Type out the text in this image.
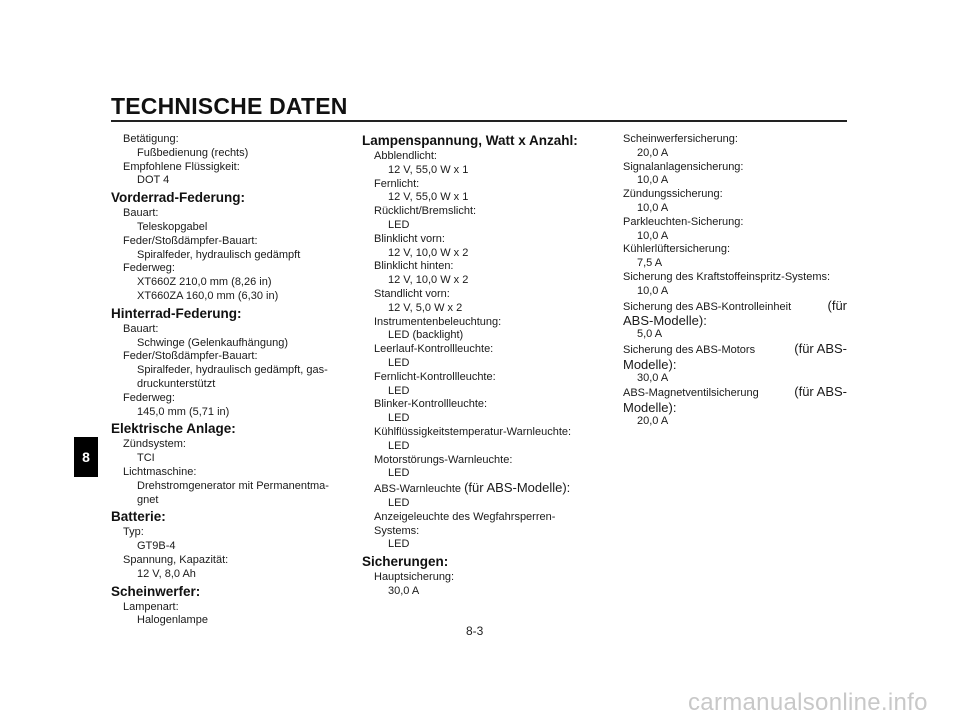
TECHNISCHE DATEN
8
Betätigung:
Fußbedienung (rechts)
Empfohlene Flüssigkeit:
DOT 4
Vorderrad-Federung:
Bauart:
Teleskopgabel
Feder/Stoßdämpfer-Bauart:
Spiralfeder, hydraulisch gedämpft
Federweg:
XT660Z 210,0 mm (8,26 in)
XT660ZA 160,0 mm (6,30 in)
Hinterrad-Federung:
Bauart:
Schwinge (Gelenkaufhängung)
Feder/Stoßdämpfer-Bauart:
Spiralfeder, hydraulisch gedämpft, gas-
druckunterstützt
Federweg:
145,0 mm (5,71 in)
Elektrische Anlage:
Zündsystem:
TCI
Lichtmaschine:
Drehstromgenerator mit Permanentma-
gnet
Batterie:
Typ:
GT9B-4
Spannung, Kapazität:
12 V, 8,0 Ah
Scheinwerfer:
Lampenart:
Halogenlampe
Lampenspannung, Watt x Anzahl:
Abblendlicht:
12 V, 55,0 W x 1
Fernlicht:
12 V, 55,0 W x 1
Rücklicht/Bremslicht:
LED
Blinklicht vorn:
12 V, 10,0 W x 2
Blinklicht hinten:
12 V, 10,0 W x 2
Standlicht vorn:
12 V, 5,0 W x 2
Instrumentenbeleuchtung:
LED (backlight)
Leerlauf-Kontrollleuchte:
LED
Fernlicht-Kontrollleuchte:
LED
Blinker-Kontrollleuchte:
LED
Kühlflüssigkeitstemperatur-Warnleuchte:
LED
Motorstörungs-Warnleuchte:
LED
ABS-Warnleuchte (für ABS-Modelle):
LED
Anzeigeleuchte des Wegfahrsperren-
Systems:
LED
Sicherungen:
Hauptsicherung:
30,0 A
Scheinwerfersicherung:
20,0 A
Signalanlagensicherung:
10,0 A
Zündungssicherung:
10,0 A
Parkleuchten-Sicherung:
10,0 A
Kühlerlüftersicherung:
7,5 A
Sicherung des Kraftstoffeinspritz-Systems:
10,0 A
Sicherung des ABS-Kontrolleinheit	(für
ABS-Modelle):
5,0 A
Sicherung des ABS-Motors	(für ABS-
Modelle):
30,0 A
ABS-Magnetventilsicherung	(für ABS-
Modelle):
20,0 A
8-3
carmanualsonline.info
